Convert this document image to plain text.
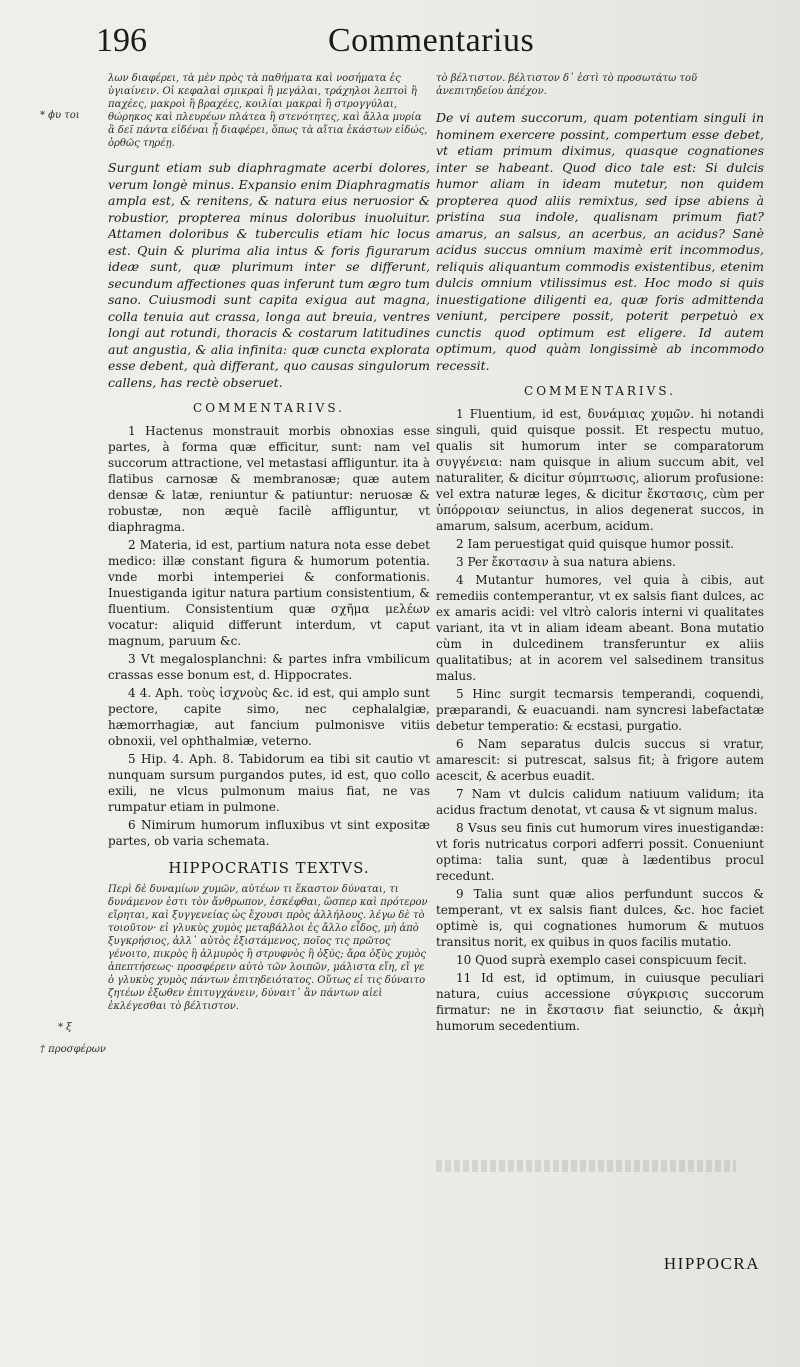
196	Commentarius
* ϕυ τοι
* ξ
† προσφέρων

λων διαφέρει, τὰ μὲν πρὸς τὰ παθήματα καὶ νοσήματα ἐς ὑγιαίνειν. Οἱ κεφαλαὶ σμικραὶ ἢ μεγάλαι, τράχηλοι λεπτοὶ ἢ παχέες, μακροὶ ἢ βραχέες, κοιλίαι μακραὶ ἢ στρογγύλαι, θώρηκος καὶ πλευρέων πλάτεα ἢ στενότητες, καὶ ἄλλα μυρία ἃ δεῖ πάντα εἰδέναι ᾗ διαφέρει, ὅπως τὰ αἴτια ἑκάστων εἰδώς, ὀρθῶς τηρέῃ.

Surgunt etiam sub diaphragmate acerbi dolores, verum longè minus. Expansio enim Diaphragmatis ampla est, & renitens, & natura eius neruosior & robustior, propterea minus doloribus inuoluitur. Attamen doloribus & tuberculis etiam hic locus est. Quin & plurima alia intus & foris figurarum ideæ sunt, quæ plurimum inter se differunt, secundum affectiones quas inferunt tum ægro tum sano. Cuiusmodi sunt capita exigua aut magna, colla tenuia aut crassa, longa aut breuia, ventres longi aut rotundi, thoracis & costarum latitudines aut angustia, & alia infinita: quæ cuncta explorata esse debent, quà differant, quo causas singulorum callens, has rectè obseruet.

COMMENTARIVS.

1 Hactenus monstrauit morbis obnoxias esse partes, à forma quæ efficitur, sunt: nam vel succorum attractione, vel metastasi affliguntur. ita à flatibus carnosæ & membranosæ; quæ autem densæ & latæ, reniuntur & patiuntur: neruosæ & robustæ, non æquè facilè affliguntur, vt diaphragma.

2 Materia, id est, partium natura nota esse debet medico: illæ constant figura & humorum potentia. vnde morbi intemperiei & conformationis. Inuestiganda igitur natura partium consistentium, & fluentium. Consistentium quæ σχῆμα μελέων vocatur: aliquid differunt interdum, vt caput magnum, paruum &c.

3 Vt megalosplanchni: & partes infra vmbilicum crassas esse bonum est, d. Hippocrates.

4 4. Aph. τοὺς ἰσχνοὺς &c. id est, qui amplo sunt pectore, capite simo, nec cephalalgiæ, hæmorrhagiæ, aut fancium pulmonisve vitiis obnoxii, vel ophthalmiæ, veterno.

5 Hip. 4. Aph. 8. Tabidorum ea tibi sit cautio vt nunquam sursum purgandos putes, id est, quo collo exili, ne vlcus pulmonum maius fiat, ne vas rumpatur etiam in pulmone.

6 Nimirum humorum influxibus vt sint expositæ partes, ob varia schemata.

HIPPOCRATIS TEXTVS.

Περὶ δὲ δυναμίων χυμῶν, αὐτέων τι ἕκαστον δύναται, τι δυνάμενον ἐστι τὸν ἄνθρωπον, ἐσκέφθαι, ὥσπερ καὶ πρότερον εἴρηται, καὶ ξυγγενείας ὡς ἔχουσι πρὸς ἀλλήλους. λέγω δὲ τὸ τοιοῦτον· εἰ γλυκὺς χυμὸς μεταβάλλοι ἐς ἄλλο εἶδος, μὴ ἀπὸ ξυγκρήσιος, ἀλλ᾽ αὐτὸς ἐξιστάμενος, ποῖος τις πρῶτος γένοιτο, πικρὸς ἢ ἁλμυρὸς ἢ στρυφνὸς ἢ ὀξύς; ἄρα ὀξὺς χυμὸς ἀπεπτήσεως· προσφέρειν αὐτὸ τῶν λοιπῶν, μάλιστα εἴη, εἴ γε ὁ γλυκὺς χυμὸς πάντων ἐπιτηδειότατος. Οὕτως εἰ τις δύναιτο ζητέων ἐξωθεν ἐπιτυγχάνειν, δύναιτ᾽ ἂν πάντων αἰεὶ ἐκλέγεσθαι τὸ βέλτιστον.

τὸ βέλτιστον. βέλτιστον δ᾽ ἐστὶ τὸ προσωτάτω τοῦ ἀνεπιτηδείου ἀπέχον.

De vi autem succorum, quam potentiam singuli in hominem exercere possint, compertum esse debet, vt etiam primum diximus, quasque cognationes inter se habeant. Quod dico tale est: Si dulcis humor aliam in ideam mutetur, non quidem propterea quod aliis remixtus, sed ipse abiens à pristina sua indole, qualisnam primum fiat? amarus, an salsus, an acerbus, an acidus? Sanè acidus succus omnium maximè erit incommodus, reliquis aliquantum commodis existentibus, etenim dulcis omnium vtilissimus est. Hoc modo si quis inuestigatione diligenti ea, quæ foris admittenda veniunt, percipere possit, poterit perpetuò ex cunctis quod optimum est eligere. Id autem optimum, quod quàm longissimè ab incommodo recessit.

COMMENTARIVS.

1 Fluentium, id est, δυνάμιας χυμῶν. hi notandi singuli, quid quisque possit. Et respectu mutuo, qualis sit humorum inter se comparatorum συγγένεια: nam quisque in alium succum abit, vel naturaliter, & dicitur σύμπτωσις, aliorum profusione: vel extra naturæ leges, & dicitur ἔκστασις, cùm per ὑπόρροιαν seiunctus, in alios degenerat succos, in amarum, salsum, acerbum, acidum.

2 Iam peruestigat quid quisque humor possit.

3 Per ἔκστασιν à sua natura abiens.

4 Mutantur humores, vel quia à cibis, aut remediis contemperantur, vt ex salsis fiant dulces, ac ex amaris acidi: vel vltrò caloris interni vi qualitates variant, ita vt in aliam ideam abeant. Bona mutatio cùm in dulcedinem transferuntur ex aliis qualitatibus; at in acorem vel salsedinem transitus malus.

5 Hinc surgit tecmarsis temperandi, coquendi, præparandi, & euacuandi. nam syncresi labefactatæ debetur temperatio: & ecstasi, purgatio.

6 Nam separatus dulcis succus si vratur, amarescit: si putrescat, salsus fit; à frigore autem acescit, & acerbus euadit.

7 Nam vt dulcis calidum natiuum validum; ita acidus fractum denotat, vt causa & vt signum malus.

8 Vsus seu finis cut humorum vires inuestigandæ: vt foris nutricatus corpori adferri possit. Conueniunt optima: talia sunt, quæ à lædentibus procul recedunt.

9 Talia sunt quæ alios perfundunt succos & temperant, vt ex salsis fiant dulces, &c. hoc faciet optimè is, qui cognationes humorum & mutuos transitus norit, ex quibus in quos facilis mutatio.

10 Quod suprà exemplo casei conspicuum fecit.

11 Id est, id optimum, in cuiusque peculiari natura, cuius accessione σύγκρισις succorum firmatur: ne in ἔκστασιν fiat seiunctio, & ἀκμὴ humorum secedentium.

HIPPOCRA
